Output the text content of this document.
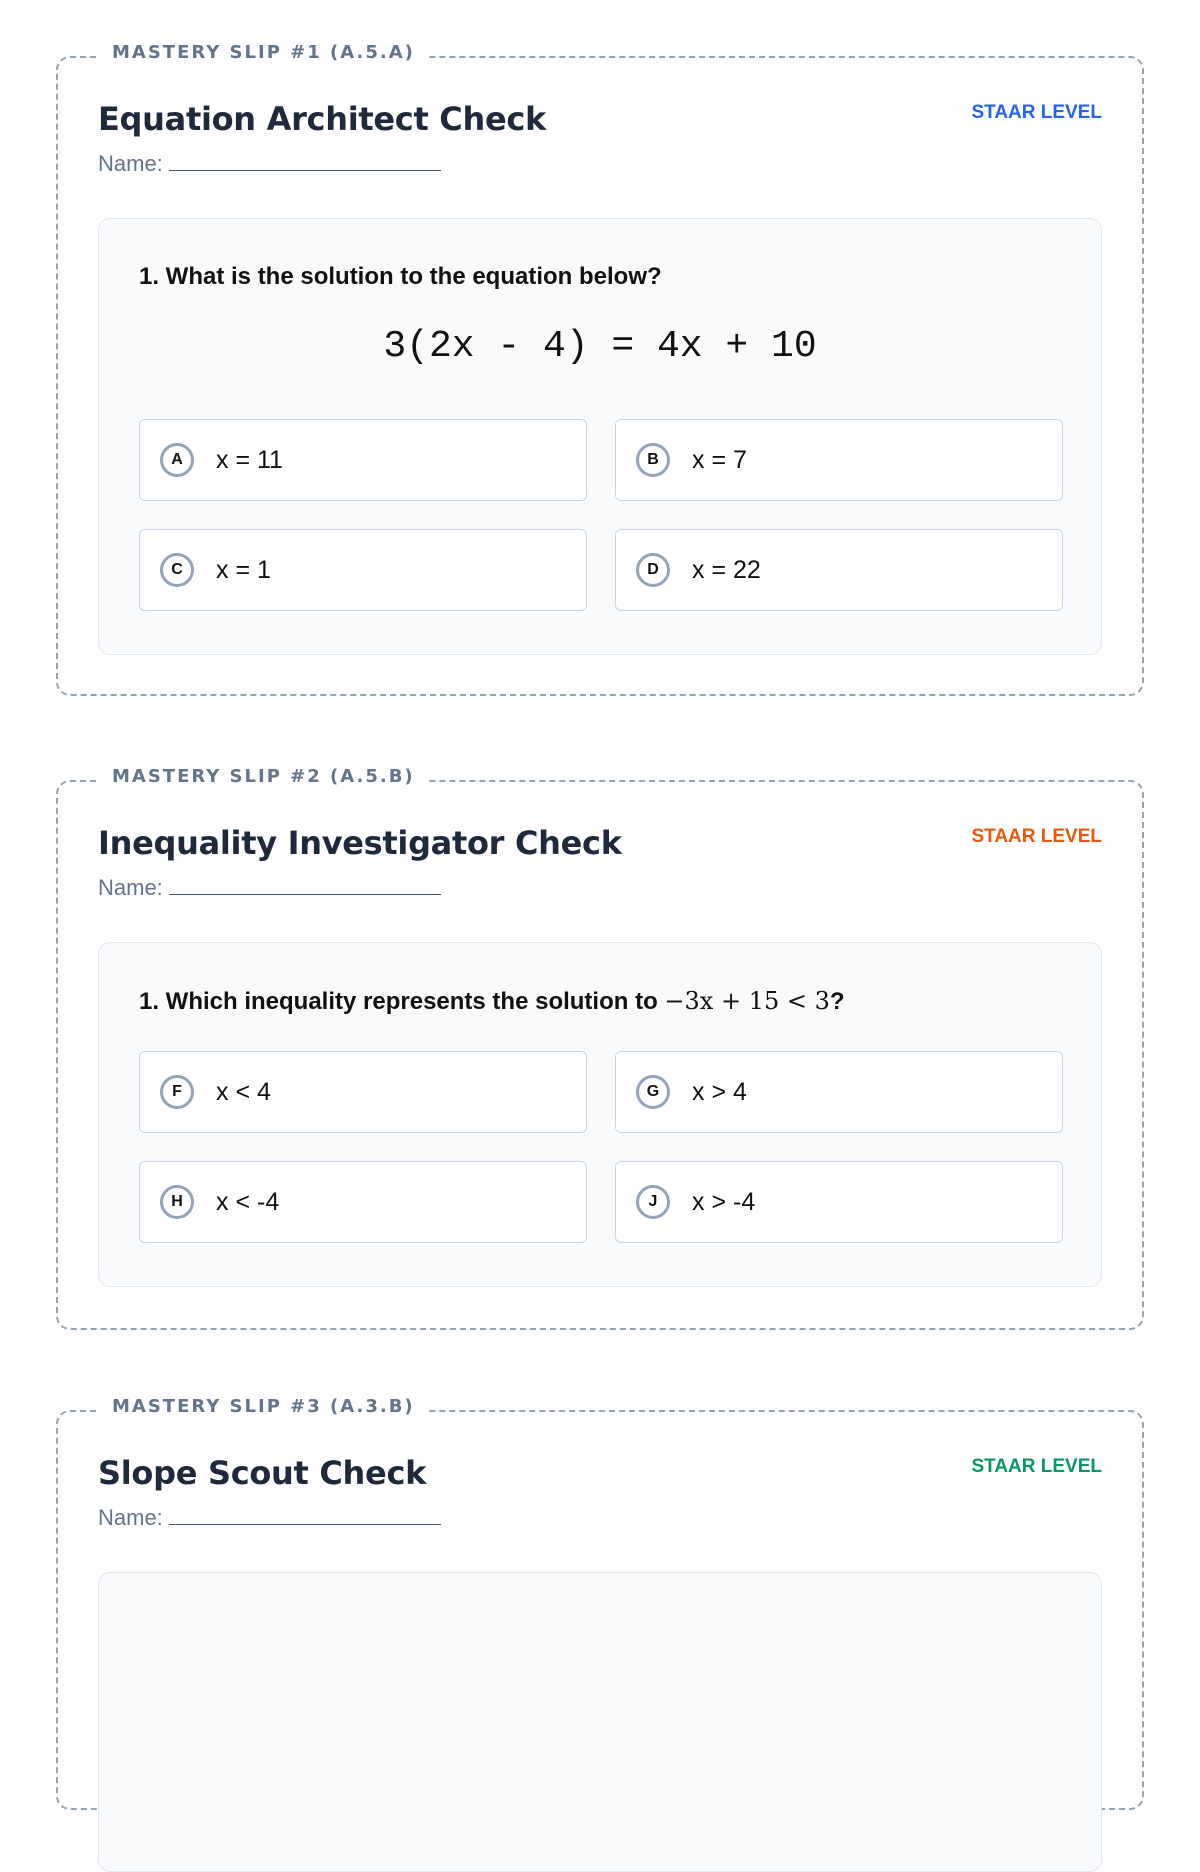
MASTERY SLIP #1 (A.5.A)
Equation Architect Check	STAAR LEVEL
Name:
1. What is the solution to the equation below?
3(2x - 4) = 4x + 10
A	x = 11	B	x = 7
C	x = 1	D	x = 22
MASTERY SLIP #2 (A.5.B)
Inequality Investigator Check	STAAR LEVEL
Name:
1. Which inequality represents the solution to −3x + 15 < 3?
F	x < 4	G	x > 4
H	x < -4	J	x > -4
MASTERY SLIP #3 (A.3.B)
Slope Scout Check	STAAR LEVEL
Name:
